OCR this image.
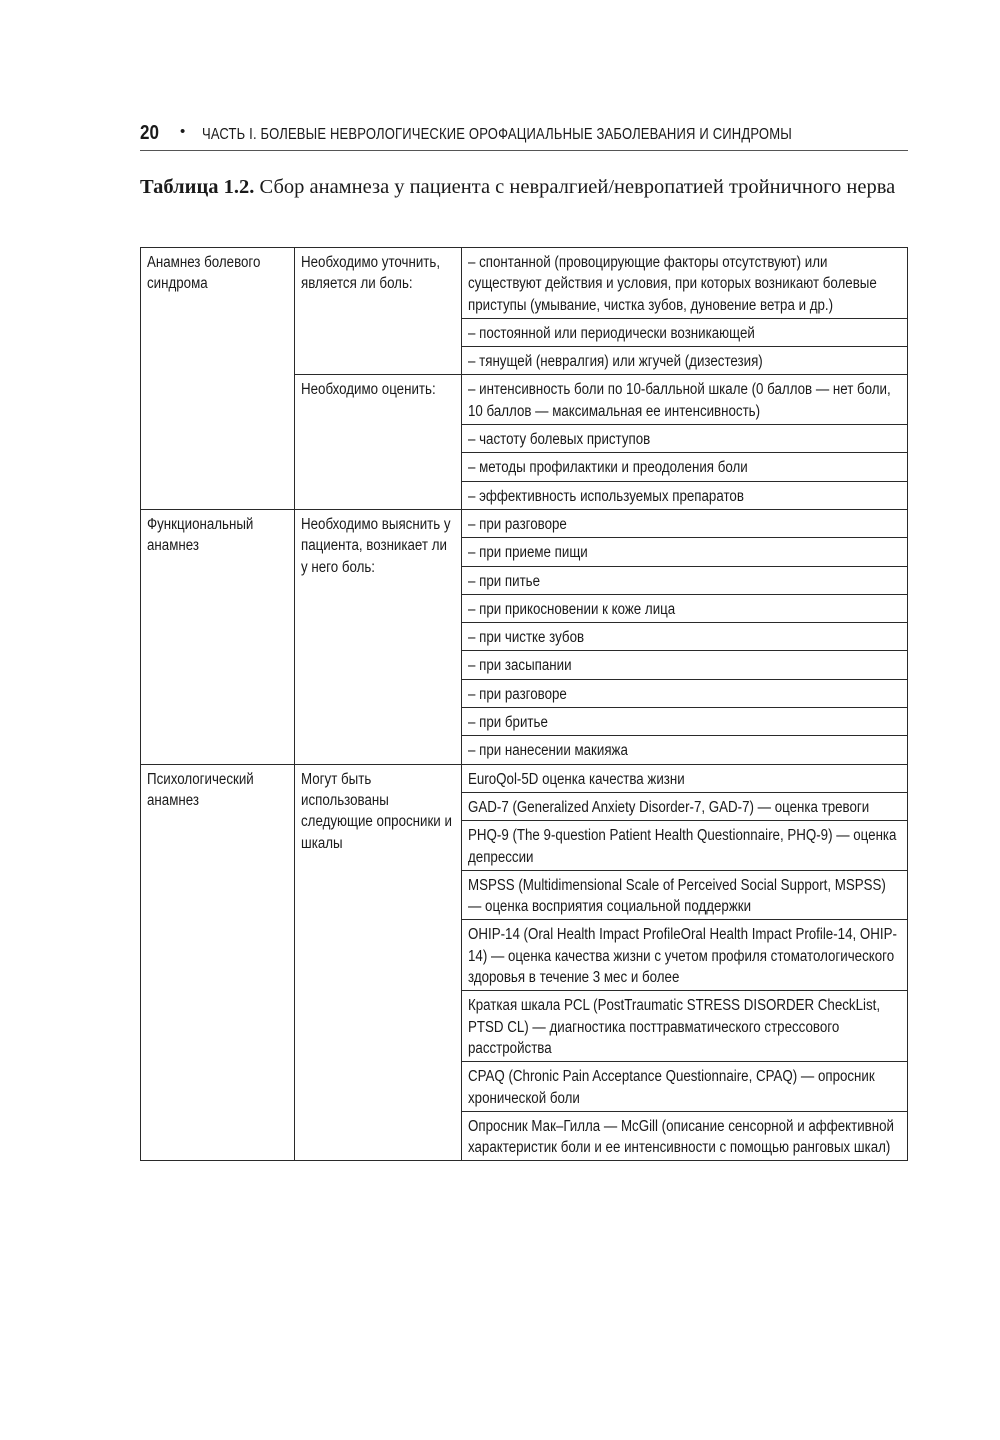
20 • ЧАСТЬ I. БОЛЕВЫЕ НЕВРОЛОГИЧЕСКИЕ ОРОФАЦИАЛЬНЫЕ ЗАБОЛЕВАНИЯ И СИНДРОМЫ
Таблица 1.2. Сбор анамнеза у пациента с невралгией/невропатией тройничного нерва
Анамнез болевого синдрома	Необходимо уточнить, является ли боль:	– спонтанной (провоцирующие факторы отсутствуют) или существуют действия и условия, при которых возникают болевые приступы (умывание, чистка зубов, дуновение ветра и др.)
		– постоянной или периодически возникающей
		– тянущей (невралгия) или жгучей (дизестезия)
	Необходимо оценить:	– интенсивность боли по 10-балльной шкале (0 баллов — нет боли, 10 баллов — максимальная ее интенсивность)
		– частоту болевых приступов
		– методы профилактики и преодоления боли
		– эффективность используемых препаратов
Функциональный анамнез	Необходимо выяснить у пациента, возникает ли у него боль:	– при разговоре
		– при приеме пищи
		– при питье
		– при прикосновении к коже лица
		– при чистке зубов
		– при засыпании
		– при разговоре
		– при бритье
		– при нанесении макияжа
Психологический анамнез	Могут быть использованы следующие опросники и шкалы	EuroQol-5D оценка качества жизни
		GAD-7 (Generalized Anxiety Disorder-7, GAD-7) — оценка тревоги
		PHQ-9 (The 9-question Patient Health Questionnaire, PHQ-9) — оценка депрессии
		MSPSS (Multidimensional Scale of Perceived Social Support, MSPSS) — оценка восприятия социальной поддержки
		OHIP-14 (Oral Health Impact ProfileOral Health Impact Profile-14, OHIP-14) — оценка качества жизни с учетом профиля стоматологического здоровья в течение 3 мес и более
		Краткая шкала PCL (PostTraumatic STRESS DISORDER CheckList, PTSD CL) — диагностика посттравматического стрессового расстройства
		CPAQ (Chronic Pain Acceptance Questionnaire, CPAQ) — опросник хронической боли
		Опросник Мак–Гилла — McGill (описание сенсорной и аффективной характеристик боли и ее интенсивности с помощью ранговых шкал)
